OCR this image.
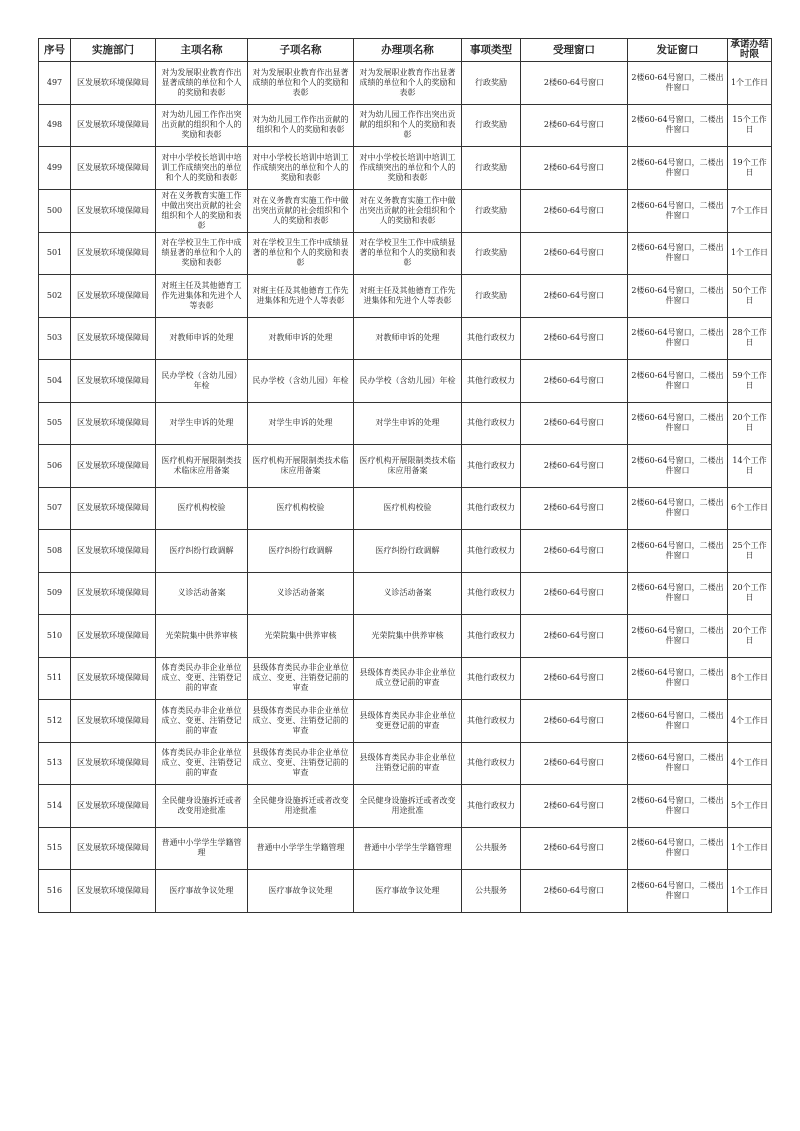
序号	实施部门	主项名称	子项名称	办理项名称	事项类型	受理窗口	发证窗口	承诺办结时限
497	区发展软环境保障局	对为发展职业教育作出显著成绩的单位和个人的奖励和表彰	对为发展职业教育作出显著成绩的单位和个人的奖励和表彰	对为发展职业教育作出显著成绩的单位和个人的奖励和表彰	行政奖励	2楼60-64号窗口	2楼60-64号窗口，二楼出件窗口	1个工作日
498	区发展软环境保障局	对为幼儿园工作作出突出贡献的组织和个人的奖励和表彰	对为幼儿园工作作出贡献的组织和个人的奖励和表彰	对为幼儿园工作作出突出贡献的组织和个人的奖励和表彰	行政奖励	2楼60-64号窗口	2楼60-64号窗口，二楼出件窗口	15个工作日
499	区发展软环境保障局	对中小学校长培训中培训工作成绩突出的单位和个人的奖励和表彰	对中小学校长培训中培训工作成绩突出的单位和个人的奖励和表彰	对中小学校长培训中培训工作成绩突出的单位和个人的奖励和表彰	行政奖励	2楼60-64号窗口	2楼60-64号窗口，二楼出件窗口	19个工作日
500	区发展软环境保障局	对在义务教育实施工作中做出突出贡献的社会组织和个人的奖励和表彰	对在义务教育实施工作中做出突出贡献的社会组织和个人的奖励和表彰	对在义务教育实施工作中做出突出贡献的社会组织和个人的奖励和表彰	行政奖励	2楼60-64号窗口	2楼60-64号窗口，二楼出件窗口	7个工作日
501	区发展软环境保障局	对在学校卫生工作中成绩显著的单位和个人的奖励和表彰	对在学校卫生工作中成绩显著的单位和个人的奖励和表彰	对在学校卫生工作中成绩显著的单位和个人的奖励和表彰	行政奖励	2楼60-64号窗口	2楼60-64号窗口，二楼出件窗口	1个工作日
502	区发展软环境保障局	对班主任及其他德育工作先进集体和先进个人等表彰	对班主任及其他德育工作先进集体和先进个人等表彰	对班主任及其他德育工作先进集体和先进个人等表彰	行政奖励	2楼60-64号窗口	2楼60-64号窗口，二楼出件窗口	50个工作日
503	区发展软环境保障局	对教师申诉的处理	对教师申诉的处理	对教师申诉的处理	其他行政权力	2楼60-64号窗口	2楼60-64号窗口，二楼出件窗口	28个工作日
504	区发展软环境保障局	民办学校（含幼儿园）年检	民办学校（含幼儿园）年检	民办学校（含幼儿园）年检	其他行政权力	2楼60-64号窗口	2楼60-64号窗口，二楼出件窗口	59个工作日
505	区发展软环境保障局	对学生申诉的处理	对学生申诉的处理	对学生申诉的处理	其他行政权力	2楼60-64号窗口	2楼60-64号窗口，二楼出件窗口	20个工作日
506	区发展软环境保障局	医疗机构开展限制类技术临床应用备案	医疗机构开展限制类技术临床应用备案	医疗机构开展限制类技术临床应用备案	其他行政权力	2楼60-64号窗口	2楼60-64号窗口，二楼出件窗口	14个工作日
507	区发展软环境保障局	医疗机构校验	医疗机构校验	医疗机构校验	其他行政权力	2楼60-64号窗口	2楼60-64号窗口，二楼出件窗口	6个工作日
508	区发展软环境保障局	医疗纠纷行政调解	医疗纠纷行政调解	医疗纠纷行政调解	其他行政权力	2楼60-64号窗口	2楼60-64号窗口，二楼出件窗口	25个工作日
509	区发展软环境保障局	义诊活动备案	义诊活动备案	义诊活动备案	其他行政权力	2楼60-64号窗口	2楼60-64号窗口，二楼出件窗口	20个工作日
510	区发展软环境保障局	光荣院集中供养审核	光荣院集中供养审核	光荣院集中供养审核	其他行政权力	2楼60-64号窗口	2楼60-64号窗口，二楼出件窗口	20个工作日
511	区发展软环境保障局	体育类民办非企业单位成立、变更、注销登记前的审查	县级体育类民办非企业单位成立、变更、注销登记前的审查	县级体育类民办非企业单位成立登记前的审查	其他行政权力	2楼60-64号窗口	2楼60-64号窗口，二楼出件窗口	8个工作日
512	区发展软环境保障局	体育类民办非企业单位成立、变更、注销登记前的审查	县级体育类民办非企业单位成立、变更、注销登记前的审查	县级体育类民办非企业单位变更登记前的审查	其他行政权力	2楼60-64号窗口	2楼60-64号窗口，二楼出件窗口	4个工作日
513	区发展软环境保障局	体育类民办非企业单位成立、变更、注销登记前的审查	县级体育类民办非企业单位成立、变更、注销登记前的审查	县级体育类民办非企业单位注销登记前的审查	其他行政权力	2楼60-64号窗口	2楼60-64号窗口，二楼出件窗口	4个工作日
514	区发展软环境保障局	全民健身设施拆迁或者改变用途批准	全民健身设施拆迁或者改变用途批准	全民健身设施拆迁或者改变用途批准	其他行政权力	2楼60-64号窗口	2楼60-64号窗口，二楼出件窗口	5个工作日
515	区发展软环境保障局	普通中小学学生学籍管理	普通中小学学生学籍管理	普通中小学学生学籍管理	公共服务	2楼60-64号窗口	2楼60-64号窗口，二楼出件窗口	1个工作日
516	区发展软环境保障局	医疗事故争议处理	医疗事故争议处理	医疗事故争议处理	公共服务	2楼60-64号窗口	2楼60-64号窗口，二楼出件窗口	1个工作日
